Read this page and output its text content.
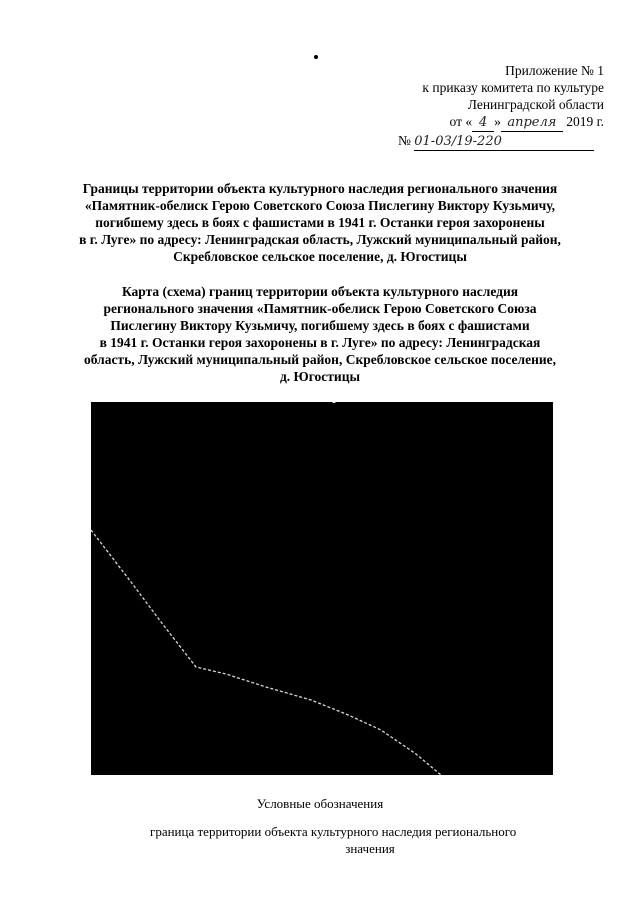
Приложение № 1
к приказу комитета по культуре
Ленинградской области
от « 4 » апреля 2019 г.
№ 01-03/19-220
Границы территории объекта культурного наследия регионального значения
«Памятник-обелиск Герою Советского Союза Пислегину Виктору Кузьмичу,
погибшему здесь в боях с фашистами в 1941 г. Останки героя захоронены
в г. Луге» по адресу: Ленинградская область, Лужский муниципальный район,
Скребловское сельское поселение, д. Югостицы
Карта (схема) границ территории объекта культурного наследия
регионального значения «Памятник-обелиск Герою Советского Союза
Пислегину Виктору Кузьмичу, погибшему здесь в боях с фашистами
в 1941 г. Останки героя захоронены в г. Луге» по адресу: Ленинградская
область, Лужский муниципальный район, Скребловское сельское поселение,
д. Югостицы
Условные обозначения
граница территории объекта культурного наследия регионального
значения
